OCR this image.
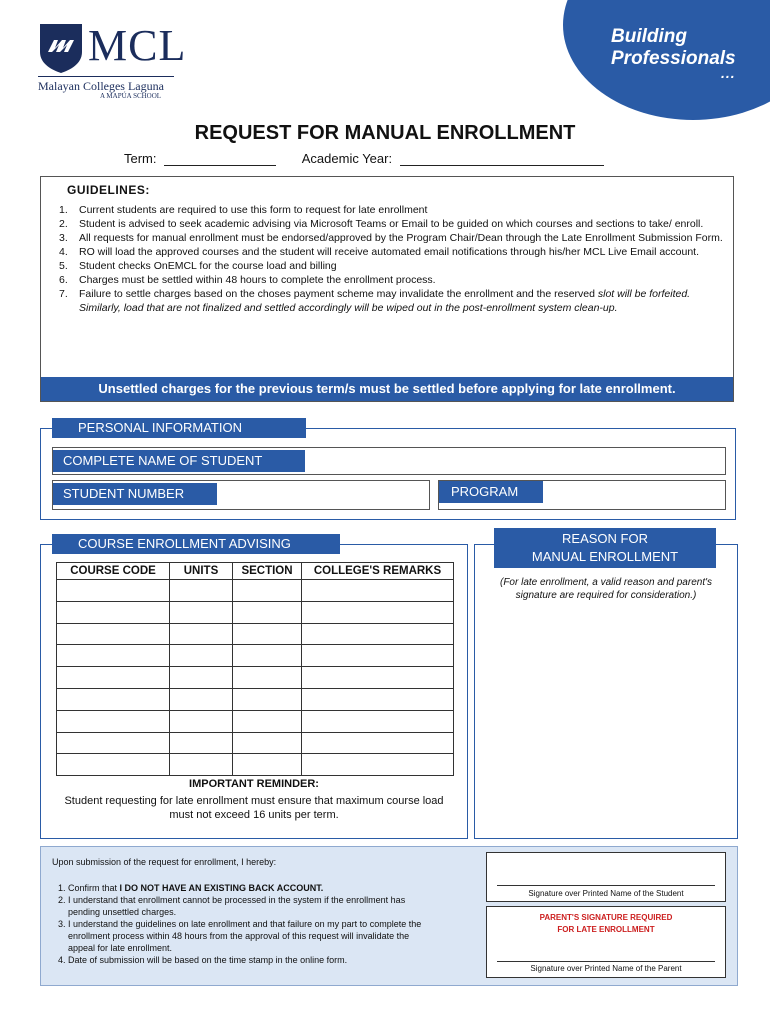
Building
Professionals
...
MCL
Malayan Colleges Laguna
A MAPÚA SCHOOL
REQUEST FOR MANUAL ENROLLMENT
Term:	Academic Year:
GUIDELINES:
1. Current students are required to use this form to request for late enrollment
2. Student is advised to seek academic advising via Microsoft Teams or Email to be guided on which courses and sections to take/ enroll.
3. All requests for manual enrollment must be endorsed/approved by the Program Chair/Dean through the Late Enrollment Submission Form.
4. RO will load the approved courses and the student will receive automated email notifications through his/her MCL Live Email account.
5. Student checks OnEMCL for the course load and billing
6. Charges must be settled within 48 hours to complete the enrollment process.
7. Failure to settle charges based on the choses payment scheme may invalidate the enrollment and the reserved slot will be forfeited. Similarly, load that are not finalized and settled accordingly will be wiped out in the post-enrollment system clean-up.
Unsettled charges for the previous term/s must be settled before applying for late enrollment.
PERSONAL INFORMATION
COMPLETE NAME OF STUDENT
STUDENT NUMBER	PROGRAM
COURSE ENROLLMENT ADVISING
COURSE CODE	UNITS	SECTION	COLLEGE'S REMARKS

IMPORTANT REMINDER:
Student requesting for late enrollment must ensure that maximum course load must not exceed 16 units per term.
REASON FOR
MANUAL ENROLLMENT
(For late enrollment, a valid reason and parent's signature are required for consideration.)
Upon submission of the request for enrollment, I hereby:
1. Confirm that I DO NOT HAVE AN EXISTING BACK ACCOUNT.
2. I understand that enrollment cannot be processed in the system if the enrollment has pending unsettled charges.
3. I understand the guidelines on late enrollment and that failure on my part to complete the enrollment process within 48 hours from the approval of this request will invalidate the appeal for late enrollment.
4. Date of submission will be based on the time stamp in the online form.
Signature over Printed Name of the Student
PARENT'S SIGNATURE REQUIRED
FOR LATE ENROLLMENT
Signature over Printed Name of the Parent
